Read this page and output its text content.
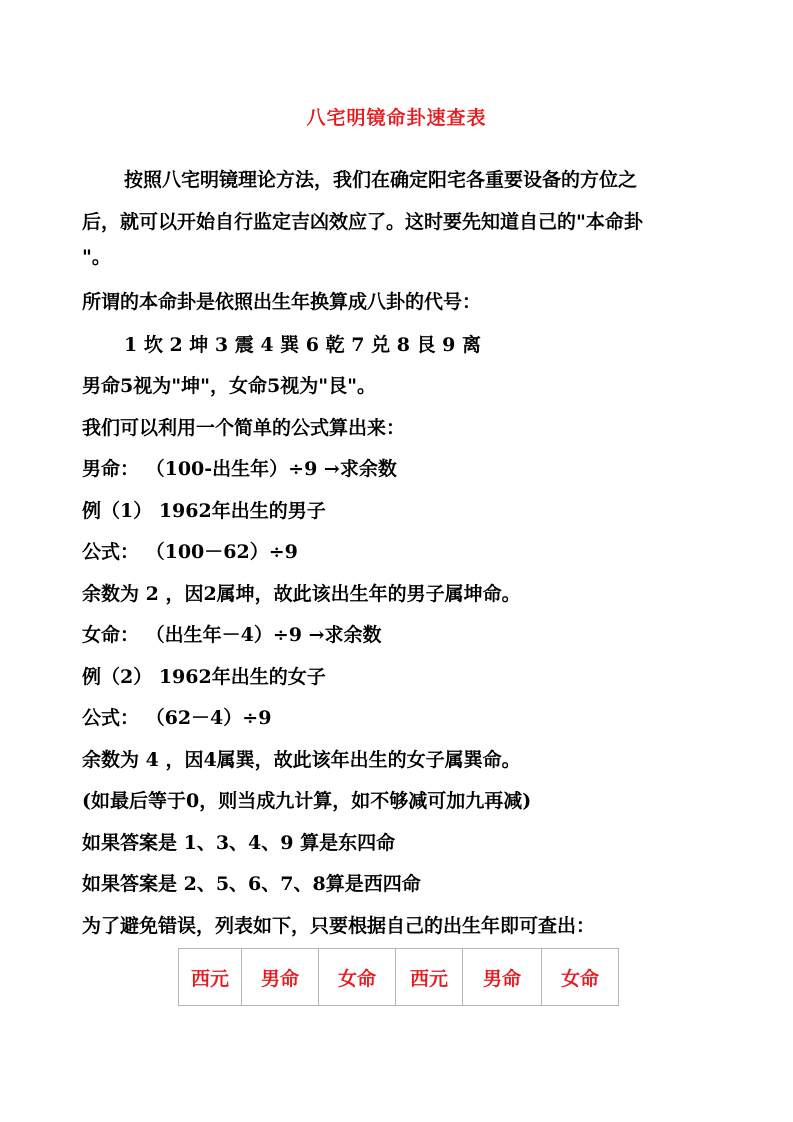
八宅明镜命卦速查表
按照八宅明镜理论方法，我们在确定阳宅各重要设备的方位之
后，就可以开始自行监定吉凶效应了。这时要先知道自己的"本命卦
"。
所谓的本命卦是依照出生年换算成八卦的代号：
1 坎 2 坤 3 震 4 巽 6 乾 7 兑 8 艮 9 离
男命5视为"坤"，女命5视为"艮"。
我们可以利用一个简单的公式算出来：
男命： （100-出生年）÷9 →求余数
例（1） 1962年出生的男子
公式： （100－62）÷9
余数为 2 ，因2属坤，故此该出生年的男子属坤命。
女命： （出生年－4）÷9 →求余数
例（2） 1962年出生的女子
公式： （62－4）÷9
余数为 4 ，因4属巽，故此该年出生的女子属巽命。
(如最后等于0，则当成九计算，如不够减可加九再减)
如果答案是 1、3、4、9 算是东四命
如果答案是 2、5、6、7、8算是西四命
为了避免错误，列表如下，只要根据自己的出生年即可查出：
西元	男命	女命	西元	男命	女命
